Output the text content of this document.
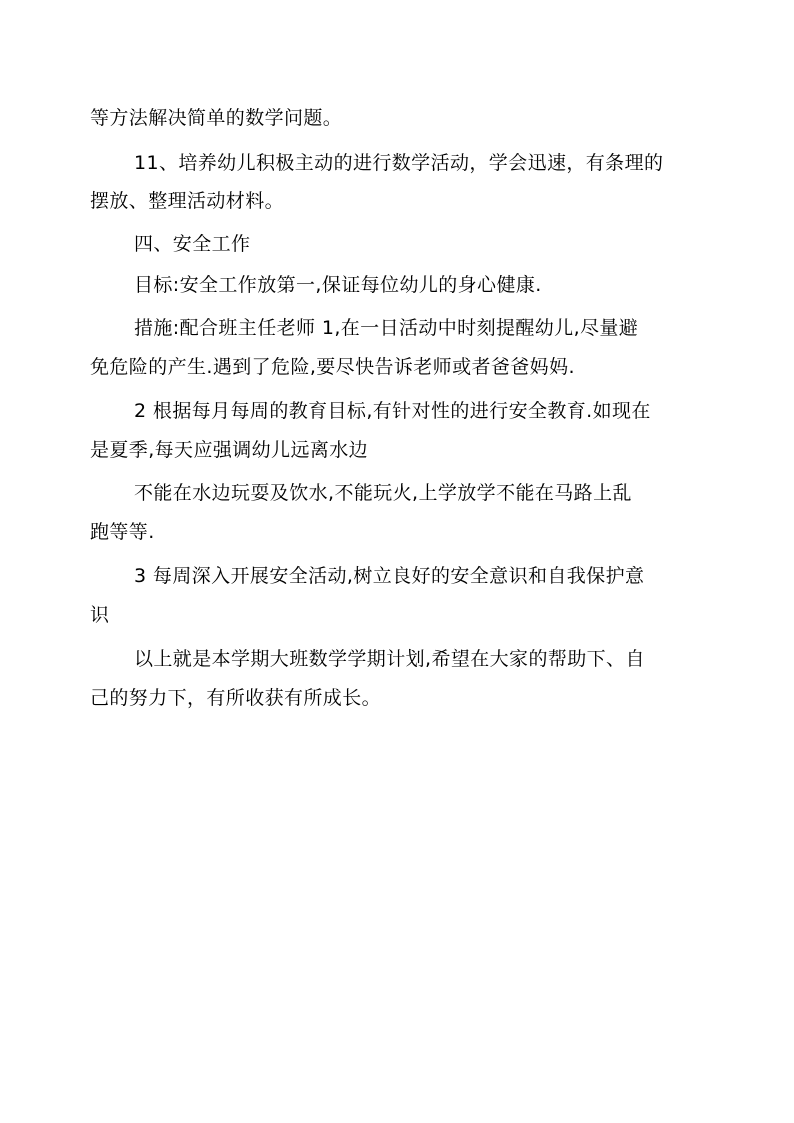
等方法解决简单的数学问题。
11、培养幼儿积极主动的进行数学活动，学会迅速，有条理的
摆放、整理活动材料。
四、安全工作
目标:安全工作放第一,保证每位幼儿的身心健康.
措施:配合班主任老师 1,在一日活动中时刻提醒幼儿,尽量避
免危险的产生.遇到了危险,要尽快告诉老师或者爸爸妈妈.
2 根据每月每周的教育目标,有针对性的进行安全教育.如现在
是夏季,每天应强调幼儿远离水边
不能在水边玩耍及饮水,不能玩火,上学放学不能在马路上乱
跑等等.
3 每周深入开展安全活动,树立良好的安全意识和自我保护意
识
以上就是本学期大班数学学期计划,希望在大家的帮助下、自
己的努力下，有所收获有所成长。
